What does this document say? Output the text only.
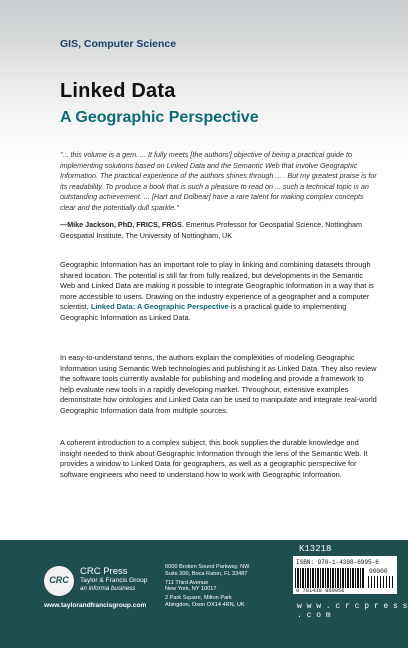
GIS, Computer Science
Linked Data
A Geographic Perspective
"... this volume is a gem. ... It fully meets [the authors'] objective of being a practical guide to implementing solutions based on Linked Data and the Semantic Web that involve Geographic Information. The practical experience of the authors shines through ... . But my greatest praise is for its readability. To produce a book that is such a pleasure to read on ... such a technical topic is an outstanding achievement. ... [Hart and Dolbear] have a rare talent for making complex concepts clear and the potentially dull sparkle."
—Mike Jackson, PhD, FRICS, FRGS, Emeritus Professor for Geospatial Science, Nottingham Geospatial Institute, The University of Nottingham, UK
Geographic Information has an important role to play in linking and combining datasets through shared location. The potential is still far from fully realized, but developments in the Semantic Web and Linked Data are making it possible to integrate Geographic Information in a way that is more accessible to users. Drawing on the industry experience of a geographer and a computer scientist, Linked Data: A Geographic Perspective is a practical guide to implementing Geographic Information as Linked Data.
In easy-to-understand terms, the authors explain the complexities of modeling Geographic Information using Semantic Web technologies and publishing it as Linked Data. They also review the software tools currently available for publishing and modeling and provide a framework to help evaluate new tools in a rapidly developing market. Throughout, extensive examples demonstrate how ontologies and Linked Data can be used to manipulate and integrate real-world Geographic Information data from multiple sources.
A coherent introduction to a complex subject, this book supplies the durable knowledge and insight needed to think about Geographic Information through the lens of the Semantic Web. It provides a window to Linked Data for geographers, as well as a geographic perspective for software engineers who need to understand how to work with Geographic Information.
CRC
CRC Press
Taylor & Francis Group
an informa business
www.taylorandfrancisgroup.com
6000 Broken Sound Parkway, NW
Suite 300, Boca Raton, FL 33487
711 Third Avenue
New York, NY 10017
2 Park Square, Milton Park
Abingdon, Oxon OX14 4RN, UK
K13218
ISBN: 978-1-4398-6995-6
90000
9 781439 869956
w w w . c r c p r e s s . c o m
